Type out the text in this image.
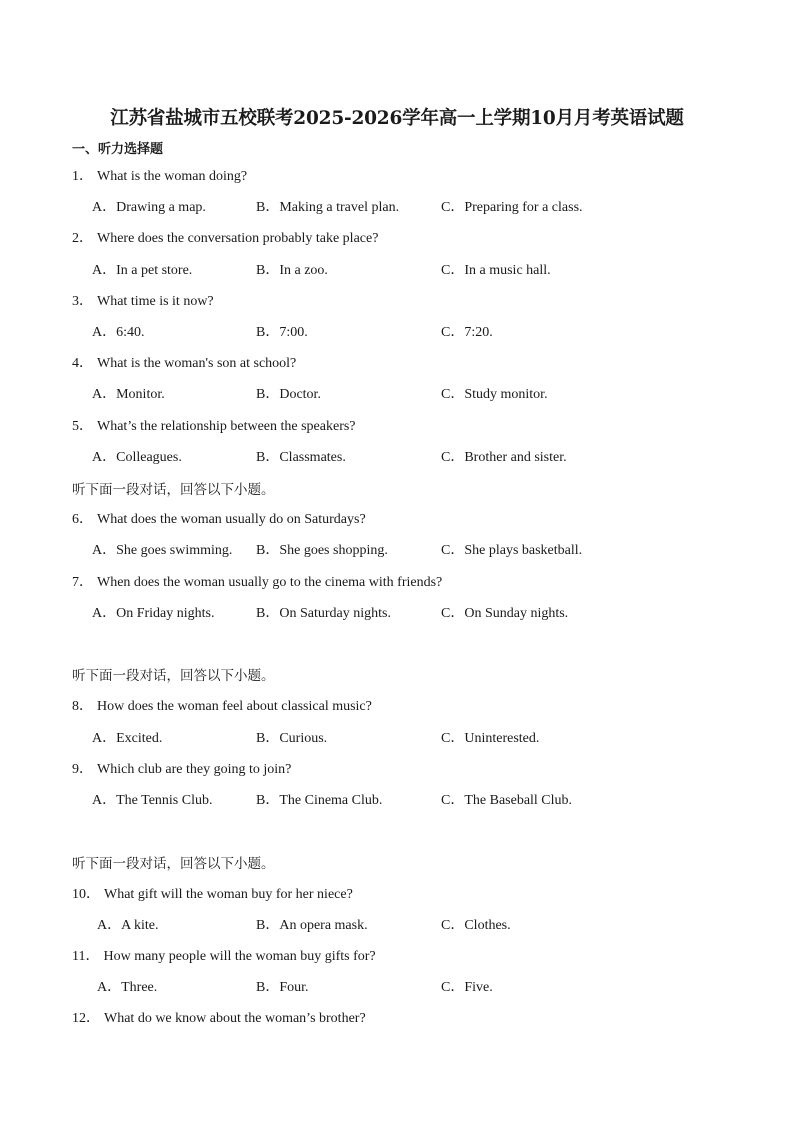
江苏省盐城市五校联考2025-2026学年高一上学期10月月考英语试题
一、听力选择题
1． What is the woman doing?
A．Drawing a map.	B．Making a travel plan.	C．Preparing for a class.
2． Where does the conversation probably take place?
A．In a pet store.	B．In a zoo.	C．In a music hall.
3． What time is it now?
A．6:40.	B．7:00.	C．7:20.
4． What is the woman's son at school?
A．Monitor.	B．Doctor.	C．Study monitor.
5． What’s the relationship between the speakers?
A．Colleagues.	B．Classmates.	C．Brother and sister.
听下面一段对话，回答以下小题。
6． What does the woman usually do on Saturdays?
A．She goes swimming. B．She goes shopping.	C．She plays basketball.
7． When does the woman usually go to the cinema with friends?
A．On Friday nights.	B．On Saturday nights.	C．On Sunday nights.
听下面一段对话，回答以下小题。
8． How does the woman feel about classical music?
A．Excited.	B．Curious.	C．Uninterested.
9． Which club are they going to join?
A．The Tennis Club.	B．The Cinema Club.	C．The Baseball Club.
听下面一段对话，回答以下小题。
10． What gift will the woman buy for her niece?
A．A kite.	B．An opera mask.	C．Clothes.
11． How many people will the woman buy gifts for?
A．Three.	B．Four.	C．Five.
12． What do we know about the woman’s brother?
